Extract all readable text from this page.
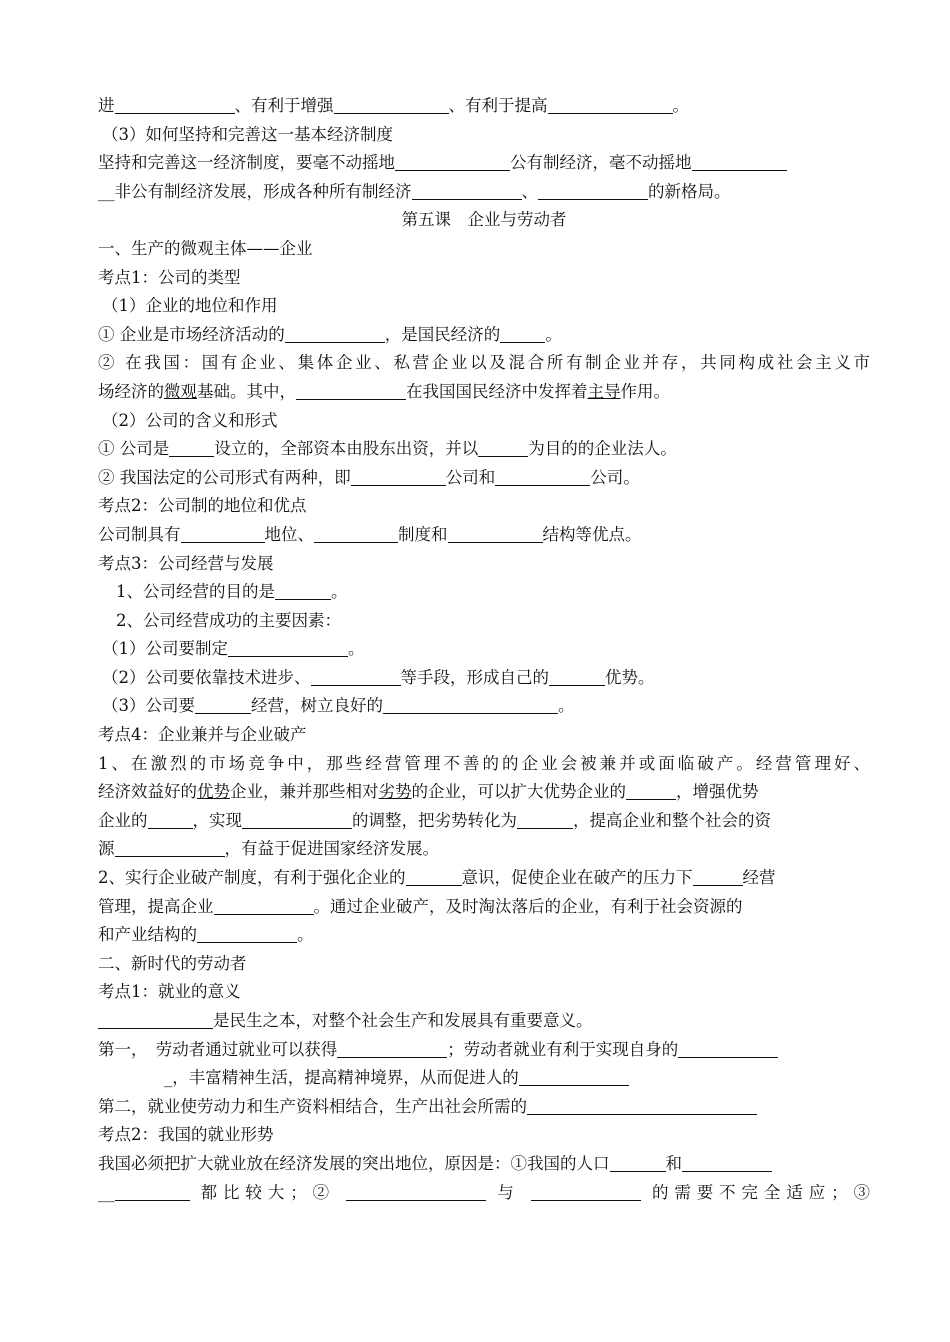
进	、有利于增强	、有利于提高	。
（3）如何坚持和完善这一基本经济制度
坚持和完善这一经济制度，要毫不动摇地	公有制经济，毫不动摇地
__非公有制经济发展，形成各种所有制经济	、	的新格局。
第五课　企业与劳动者
一、生产的微观主体——企业
考点1：公司的类型
（1）企业的地位和作用
① 企业是市场经济活动的	，是国民经济的	。
② 在我国：国有企业、集体企业、私营企业以及混合所有制企业并存，共同构成社会主义市
场经济的微观基础。其中，	在我国国民经济中发挥着主导作用。
（2）公司的含义和形式
① 公司是	设立的，全部资本由股东出资，并以	为目的的企业法人。
② 我国法定的公司形式有两种，即	公司和	公司。
考点2：公司制的地位和优点
公司制具有	地位、	制度和	结构等优点。
考点3：公司经营与发展
1、公司经营的目的是	。
2、公司经营成功的主要因素：
（1）公司要制定	。
（2）公司要依靠技术进步、	等手段，形成自己的	优势。
（3）公司要	经营，树立良好的	。
考点4：企业兼并与企业破产
1、在激烈的市场竞争中，那些经营管理不善的的企业会被兼并或面临破产。经营管理好、
经济效益好的优势企业，兼并那些相对劣势的企业，可以扩大优势企业的	，增强优势
企业的	，实现	的调整，把劣势转化为	，提高企业和整个社会的资
源	，有益于促进国家经济发展。
2、实行企业破产制度，有利于强化企业的	意识，促使企业在破产的压力下	经营
管理，提高企业	。通过企业破产，及时淘汰落后的企业，有利于社会资源的
和产业结构的	。
二、新时代的劳动者
考点1：就业的意义
是民生之本，对整个社会生产和发展具有重要意义。
第一，　劳动者通过就业可以获得	；劳动者就业有利于实现自身的
_，丰富精神生活，提高精神境界，从而促进人的
第二，就业使劳动力和生产资料相结合，生产出社会所需的
考点2：我国的就业形势
我国必须把扩大就业放在经济发展的突出地位，原因是：①我国的人口	和
__	都比较大；②	与	的需要不完全适应；③
